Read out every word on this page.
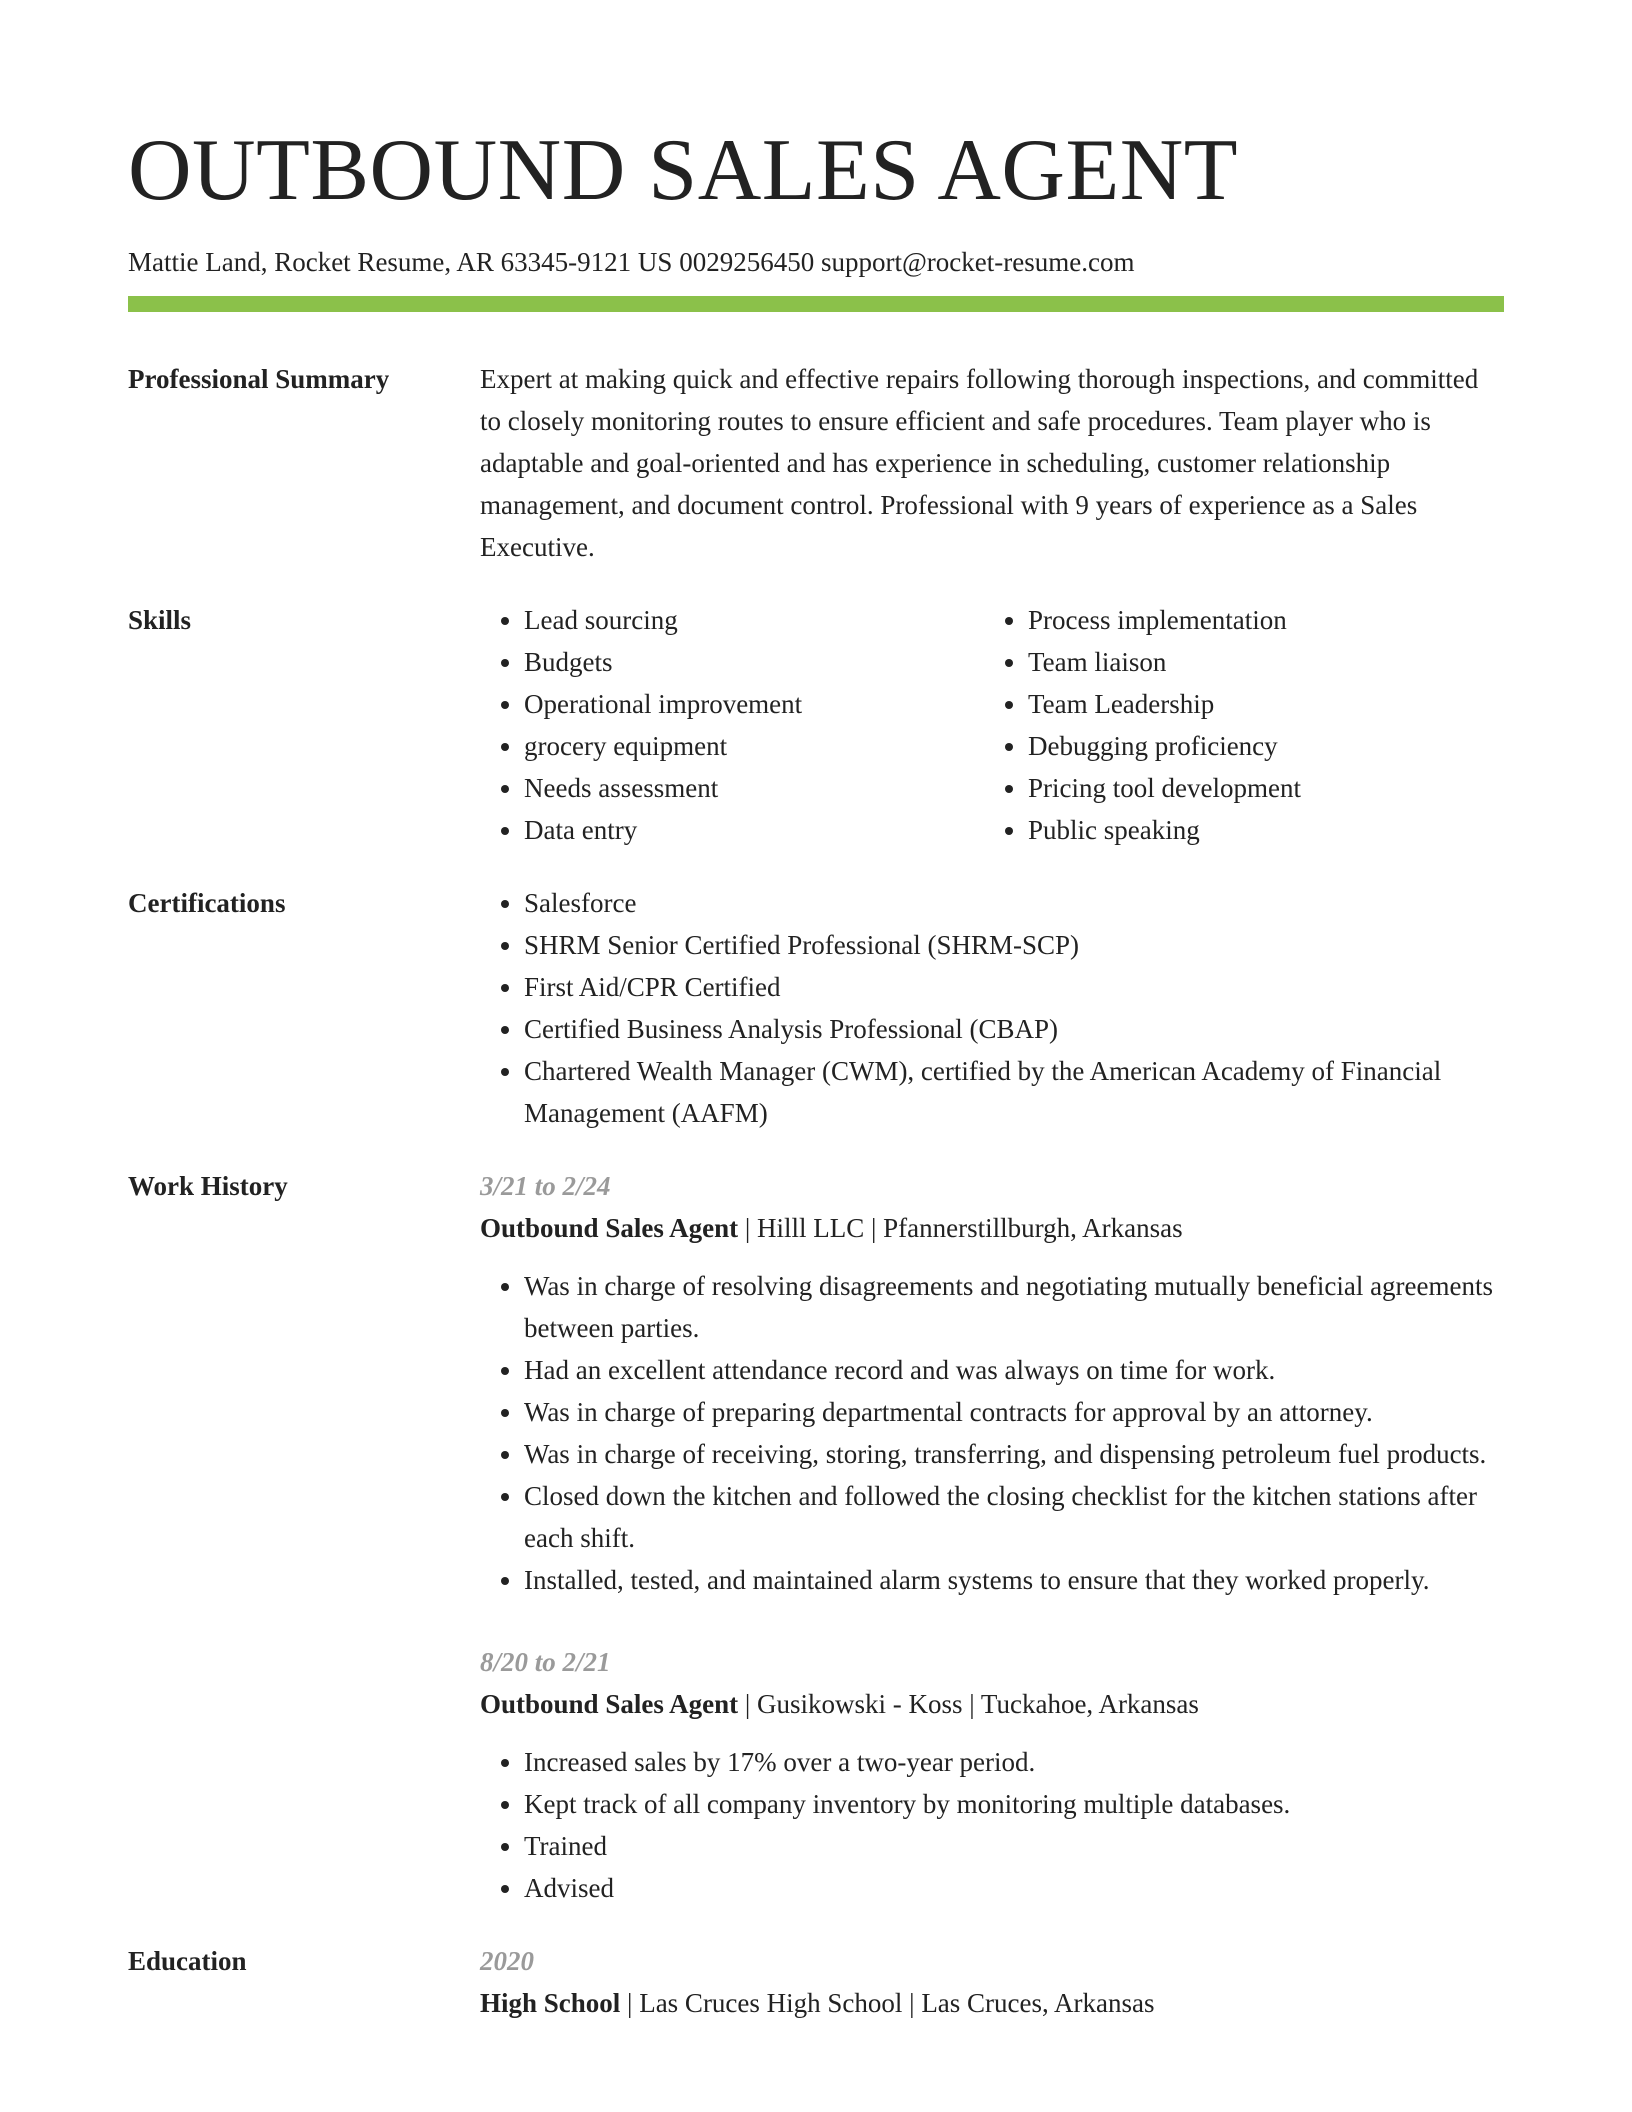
OUTBOUND SALES AGENT
Mattie Land, Rocket Resume, AR 63345-9121 US 0029256450 support@rocket-resume.com
Professional Summary	Expert at making quick and effective repairs following thorough inspections, and committed to closely monitoring routes to ensure efficient and safe procedures. Team player who is adaptable and goal-oriented and has experience in scheduling, customer relationship management, and document control. Professional with 9 years of experience as a Sales Executive.

Skills	• Lead sourcing
• Budgets
• Operational improvement
• grocery equipment
• Needs assessment
• Data entry
• Process implementation
• Team liaison
• Team Leadership
• Debugging proficiency
• Pricing tool development
• Public speaking
Certifications	• Salesforce
• SHRM Senior Certified Professional (SHRM-SCP)
• First Aid/CPR Certified
• Certified Business Analysis Professional (CBAP)
• Chartered Wealth Manager (CWM), certified by the American Academy of Financial Management (AAFM)
Work History	3/21 to 2/24
Outbound Sales Agent | Hilll LLC | Pfannerstillburgh, Arkansas
• Was in charge of resolving disagreements and negotiating mutually beneficial agreements between parties.
• Had an excellent attendance record and was always on time for work.
• Was in charge of preparing departmental contracts for approval by an attorney.
• Was in charge of receiving, storing, transferring, and dispensing petroleum fuel products.
• Closed down the kitchen and followed the closing checklist for the kitchen stations after each shift.
• Installed, tested, and maintained alarm systems to ensure that they worked properly.
8/20 to 2/21
Outbound Sales Agent | Gusikowski - Koss | Tuckahoe, Arkansas
• Increased sales by 17% over a two-year period.
• Kept track of all company inventory by monitoring multiple databases.
• Trained
• Advised
Education	2020
High School | Las Cruces High School | Las Cruces, Arkansas
